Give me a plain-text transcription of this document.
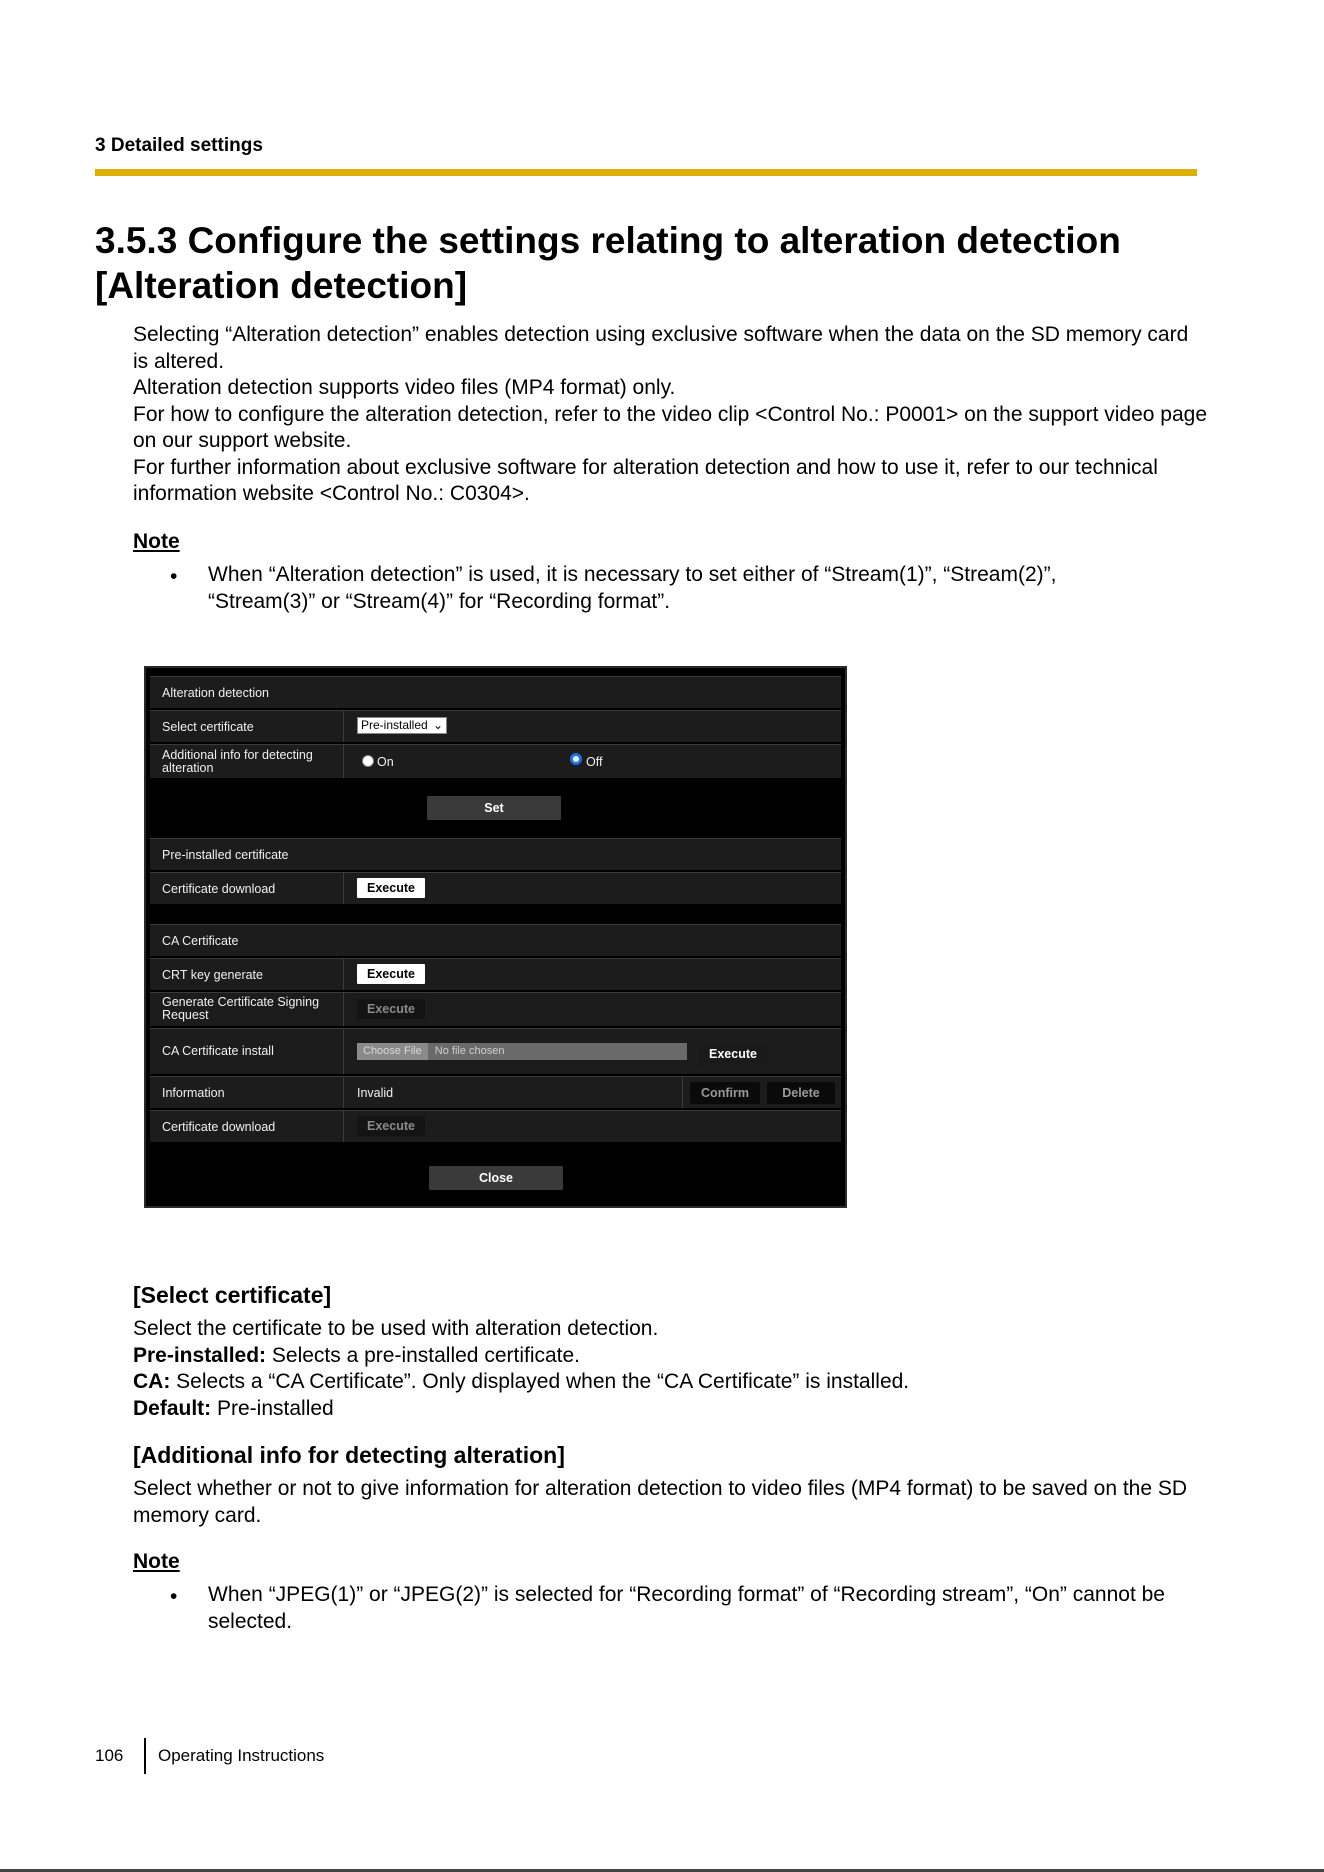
3 Detailed settings
3.5.3 Configure the settings relating to alteration detection
[Alteration detection]

Selecting “Alteration detection” enables detection using exclusive software when the data on the SD memory card is altered.

Alteration detection supports video files (MP4 format) only.

For how to configure the alteration detection, refer to the video clip <Control No.: P0001> on the support video page on our support website.

For further information about exclusive software for alteration detection and how to use it, refer to our technical information website <Control No.: C0304>.

Note
• When “Alteration detection” is used, it is necessary to set either of “Stream(1)”, “Stream(2)”, “Stream(3)” or “Stream(4)” for “Recording format”.
Alteration detection
Select certificate	Pre-installed ⌄
Additional info for detecting alteration	On	Off
Set
Pre-installed certificate
Certificate download	Execute
CA Certificate
CRT key generate	Execute
Generate Certificate Signing Request	Execute
CA Certificate install	Choose File No file chosen	Execute
Information	Invalid	Confirm	Delete
Certificate download	Execute
Close
[Select certificate]

Select the certificate to be used with alteration detection.

Pre-installed: Selects a pre-installed certificate.

CA: Selects a “CA Certificate”. Only displayed when the “CA Certificate” is installed.

Default: Pre-installed

[Additional info for detecting alteration]
Select whether or not to give information for alteration detection to video files (MP4 format) to be saved on the SD memory card.
Note
• When “JPEG(1)” or “JPEG(2)” is selected for “Recording format” of “Recording stream”, “On” cannot be selected.
106 Operating Instructions
